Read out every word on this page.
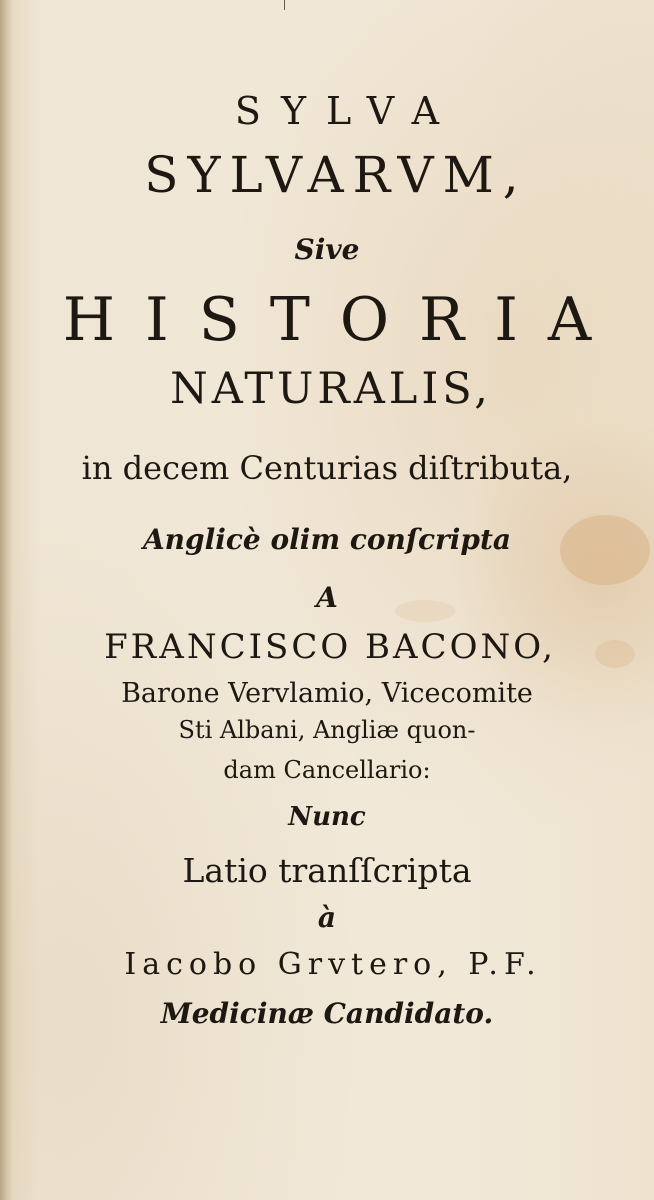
SYLVA
SYLVARVM,
Sive
HISTORIA
NATURALIS,
in decem Centurias diſtributa,
Anglicè olim conſcripta
A
FRANCISCO BACONO,
Barone Vervlamio, Vicecomite
Sti Albani, Angliæ quon-
dam Cancellario:
Nunc
Latio tranſſcripta
à
Iacobo Grvtero, P.F.
Medicinæ Candidato.
